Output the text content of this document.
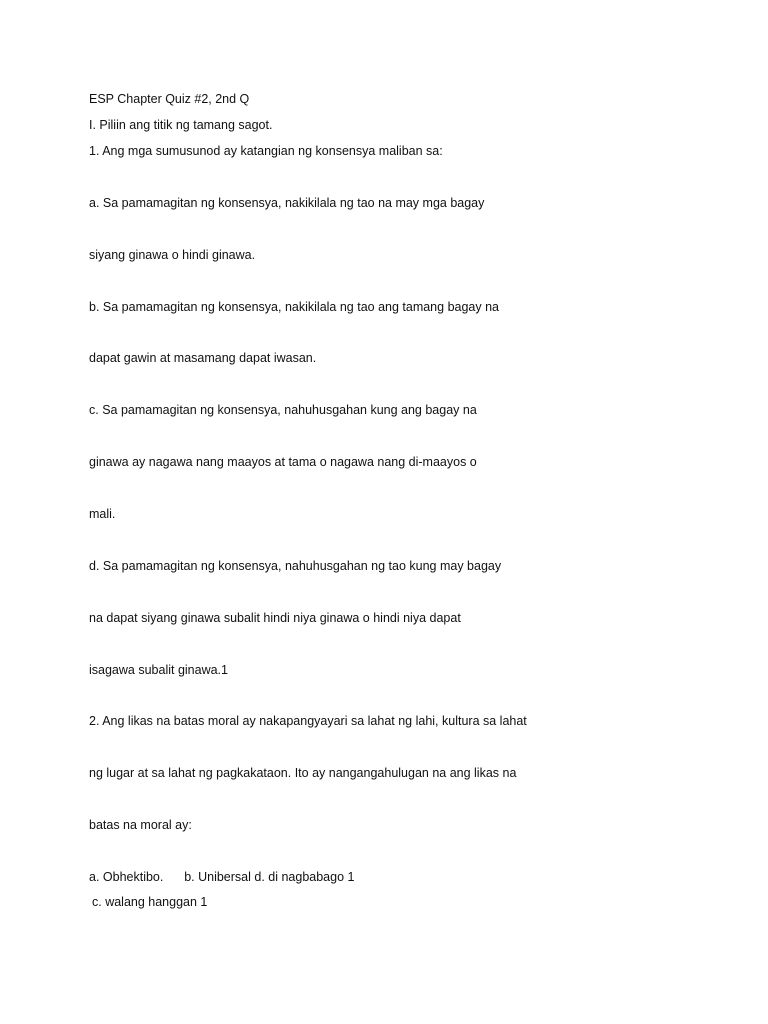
ESP Chapter Quiz #2, 2nd Q
I. Piliin ang titik ng tamang sagot.
1. Ang mga sumusunod ay katangian ng konsensya maliban sa:
a. Sa pamamagitan ng konsensya, nakikilala ng tao na may mga bagay
siyang ginawa o hindi ginawa.
b. Sa pamamagitan ng konsensya, nakikilala ng tao ang tamang bagay na
dapat gawin at masamang dapat iwasan.
c. Sa pamamagitan ng konsensya, nahuhusgahan kung ang bagay na
ginawa ay nagawa nang maayos at tama o nagawa nang di-maayos o
mali.
d. Sa pamamagitan ng konsensya, nahuhusgahan ng tao kung may bagay
na dapat siyang ginawa subalit hindi niya ginawa o hindi niya dapat
isagawa subalit ginawa.1
2. Ang likas na batas moral ay nakapangyayari sa lahat ng lahi, kultura sa lahat
ng lugar at sa lahat ng pagkakataon. Ito ay nangangahulugan na ang likas na
batas na moral ay:
a. Obhektibo.      b. Unibersal d. di nagbabago 1
c. walang hanggan 1
